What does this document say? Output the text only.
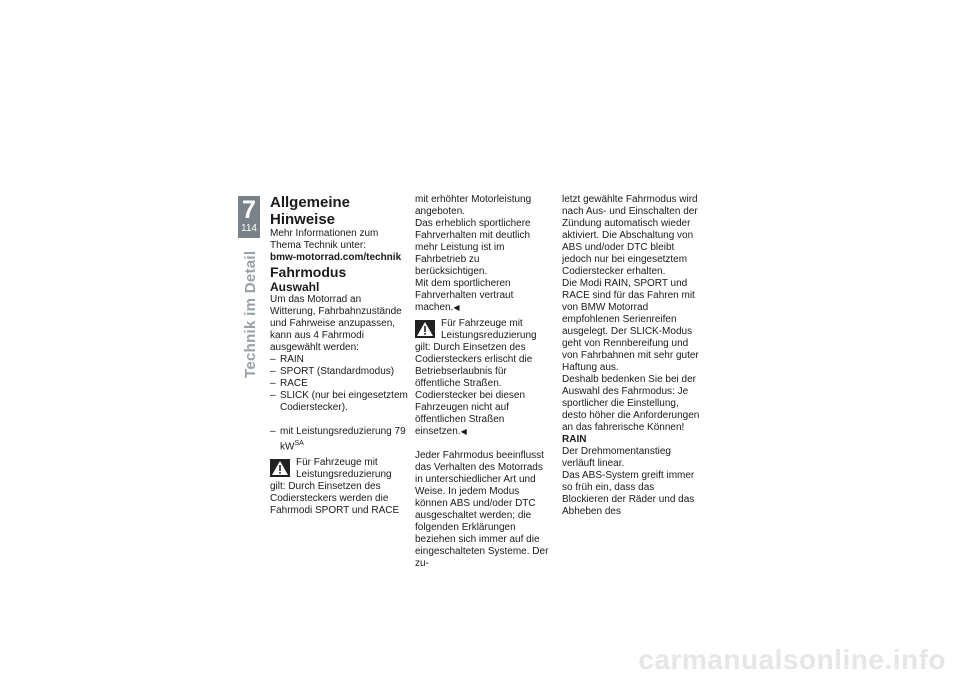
7
114
Technik im Detail

Allgemeine Hinweise

Mehr Informationen zum Thema Technik unter:

bmw-motorrad.com/technik

Fahrmodus

Auswahl

Um das Motorrad an Witterung, Fahrbahnzustände und Fahrweise anzupassen, kann aus 4 Fahrmodi ausgewählt werden:

– RAIN

– SPORT (Standardmodus)

– RACE

– SLICK (nur bei eingesetztem Codierstecker).

– mit Leistungsreduzierung 79 $kW^{SA}$

Für Fahrzeuge mit Leistungsreduzierung

gilt: Durch Einsetzen des Codiersteckers werden die Fahrmodi SPORT und RACE

mit erhöhter Motorleistung angeboten.

Das erheblich sportlichere Fahrverhalten mit deutlich mehr Leistung ist im Fahrbetrieb zu berücksichtigen.

Mit dem sportlicheren Fahrverhalten vertraut machen.◀

Für Fahrzeuge mit Leistungsreduzierung

gilt: Durch Einsetzen des Codiersteckers erlischt die Betriebserlaubnis für öffentliche Straßen.

Codierstecker bei diesen Fahrzeugen nicht auf öffentlichen Straßen einsetzen.◀

Jeder Fahrmodus beeinflusst das Verhalten des Motorrads in unterschiedlicher Art und Weise. In jedem Modus können ABS und/oder DTC ausgeschaltet werden; die folgenden Erklärungen beziehen sich immer auf die eingeschalteten Systeme. Der zu-

letzt gewählte Fahrmodus wird nach Aus- und Einschalten der Zündung automatisch wieder aktiviert. Die Abschaltung von ABS und/oder DTC bleibt jedoch nur bei eingesetztem Codierstecker erhalten.

Die Modi RAIN, SPORT und RACE sind für das Fahren mit von BMW Motorrad empfohlenen Serienreifen ausgelegt. Der SLICK-Modus geht von Rennbereifung und von Fahrbahnen mit sehr guter Haftung aus.

Deshalb bedenken Sie bei der Auswahl des Fahrmodus: Je sportlicher die Einstellung, desto höher die Anforderungen an das fahrerische Können!

RAIN

Der Drehmomentanstieg verläuft linear.

Das ABS-System greift immer so früh ein, dass das Blockieren der Räder und das Abheben des

carmanualsonline.info
